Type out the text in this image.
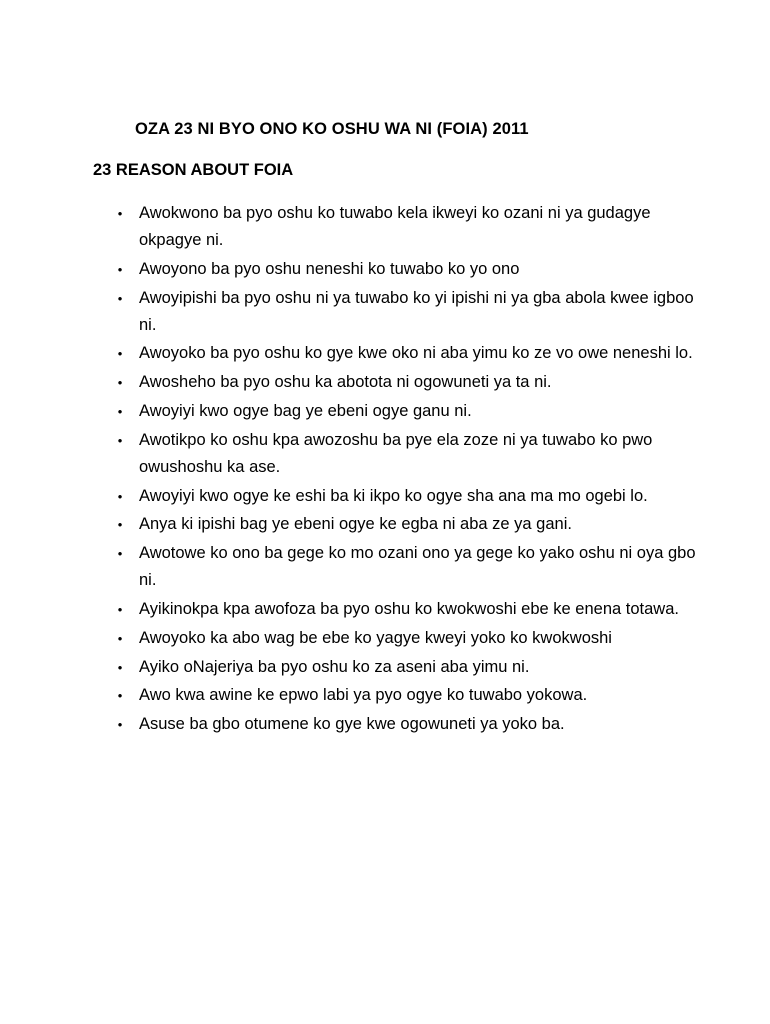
OZA 23 NI BYO ONO KO OSHU WA NI (FOIA) 2011
23 REASON ABOUT FOIA
• Awokwono ba pyo oshu ko tuwabo kela ikweyi ko ozani ni ya gudagye okpagye ni.
• Awoyono ba pyo oshu neneshi ko tuwabo ko yo ono
• Awoyipishi ba pyo oshu ni ya tuwabo ko yi ipishi ni ya gba abola kwee igboo ni.
• Awoyoko ba pyo oshu ko gye kwe oko ni aba yimu ko ze vo owe neneshi lo.
• Awosheho ba pyo oshu ka abotota ni ogowuneti ya ta ni.
• Awoyiyi kwo ogye bag ye ebeni ogye ganu ni.
• Awotikpo ko oshu kpa awozoshu ba pye ela zoze ni ya tuwabo ko pwo owushoshu ka ase.
• Awoyiyi kwo ogye ke eshi ba ki ikpo ko ogye sha ana ma mo ogebi lo.
• Anya ki ipishi bag ye ebeni ogye ke egba ni aba ze ya gani.
• Awotowe ko ono ba gege ko mo ozani ono ya gege ko yako oshu ni oya gbo ni.
• Ayikinokpa kpa awofoza ba pyo oshu ko kwokwoshi ebe ke enena totawa.
• Awoyoko ka abo wag be ebe ko yagye kweyi yoko ko kwokwoshi
• Ayiko oNajeriya ba pyo oshu ko za aseni aba yimu ni.
• Awo kwa awine ke epwo labi ya pyo ogye ko tuwabo yokowa.
• Asuse ba gbo otumene ko gye kwe ogowuneti ya yoko ba.
